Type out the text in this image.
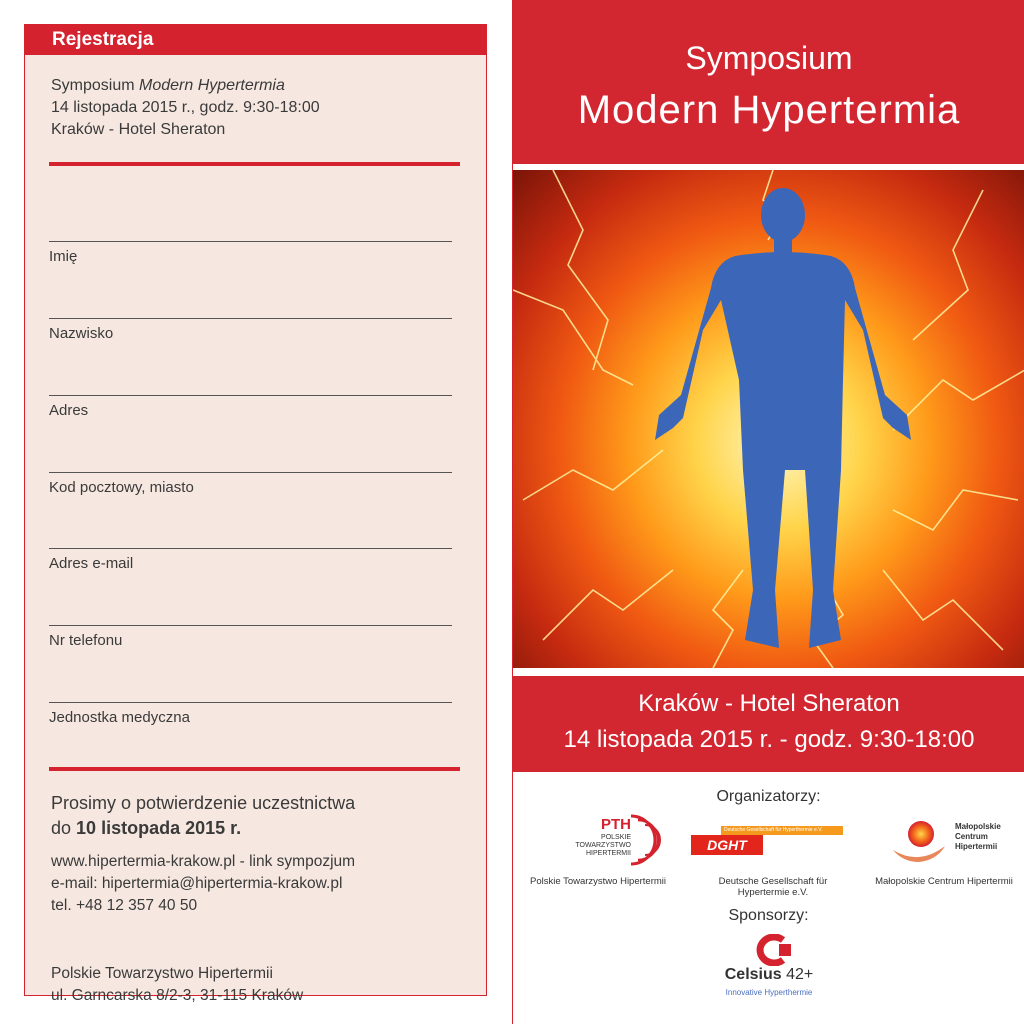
Rejestracja
Symposium Modern Hypertermia
14 listopada 2015 r., godz. 9:30-18:00
Kraków - Hotel Sheraton
Imię
Nazwisko
Adres
Kod pocztowy, miasto
Adres e-mail
Nr telefonu
Jednostka medyczna
Prosimy o potwierdzenie uczestnictwa
do 10 listopada 2015 r.
www.hipertermia-krakow.pl - link sympozjum
e-mail: hipertermia@hipertermia-krakow.pl
tel. +48 12 357 40 50
Polskie Towarzystwo Hipertermii
ul. Garncarska 8/2-3, 31-115 Kraków
Symposium
Modern Hypertermia
Kraków - Hotel Sheraton
14 listopada 2015 r. - godz. 9:30-18:00
Organizatorzy:
PTH
POLSKIE
TOWARZYSTWO
HIPERTERMII
Deutsche Gesellschaft für Hyperthermie e.V.
DGHT
Małopolskie
Centrum
Hipertermii
Polskie Towarzystwo Hipertermii	Deutsche Gesellschaft für Hypertermie e.V.
Małopolskie Centrum Hipertermii
Sponsorzy:
Celsius 42+
Innovative Hyperthermie
